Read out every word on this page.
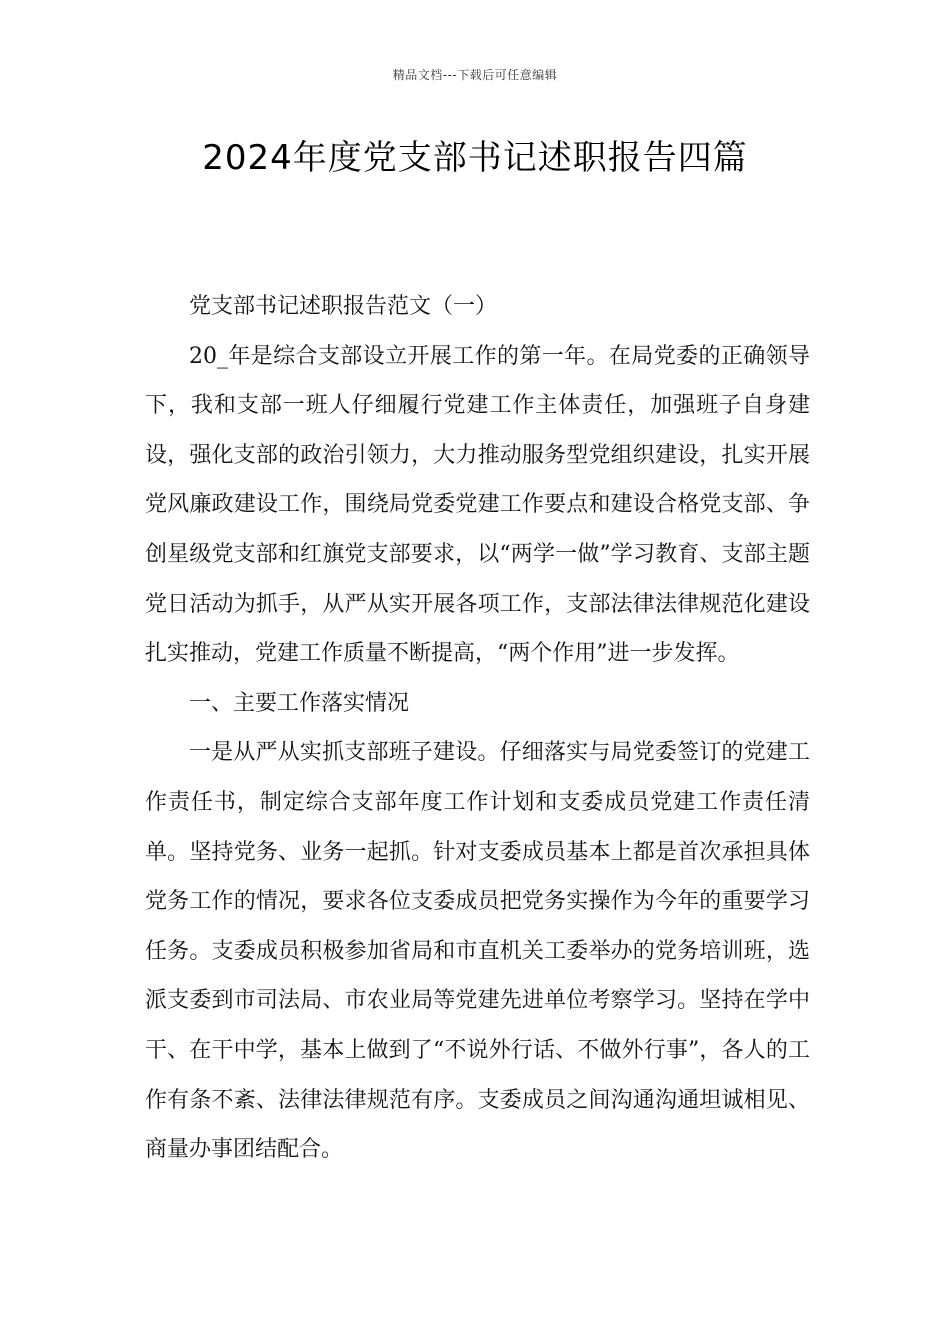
精品文档---下载后可任意编辑
2024年度党支部书记述职报告四篇

党支部书记述职报告范文（一）

20_年是综合支部设立开展工作的第一年。在局党委的正确领导下，我和支部一班人仔细履行党建工作主体责任，加强班子自身建设，强化支部的政治引领力，大力推动服务型党组织建设，扎实开展党风廉政建设工作，围绕局党委党建工作要点和建设合格党支部、争创星级党支部和红旗党支部要求，以“两学一做”学习教育、支部主题党日活动为抓手，从严从实开展各项工作，支部法律法律规范化建设扎实推动，党建工作质量不断提高，“两个作用”进一步发挥。

一、主要工作落实情况

一是从严从实抓支部班子建设。仔细落实与局党委签订的党建工作责任书，制定综合支部年度工作计划和支委成员党建工作责任清单。坚持党务、业务一起抓。针对支委成员基本上都是首次承担具体党务工作的情况，要求各位支委成员把党务实操作为今年的重要学习任务。支委成员积极参加省局和市直机关工委举办的党务培训班，选派支委到市司法局、市农业局等党建先进单位考察学习。坚持在学中干、在干中学，基本上做到了“不说外行话、不做外行事”，各人的工作有条不紊、法律法律规范有序。支委成员之间沟通沟通坦诚相见、商量办事团结配合。
